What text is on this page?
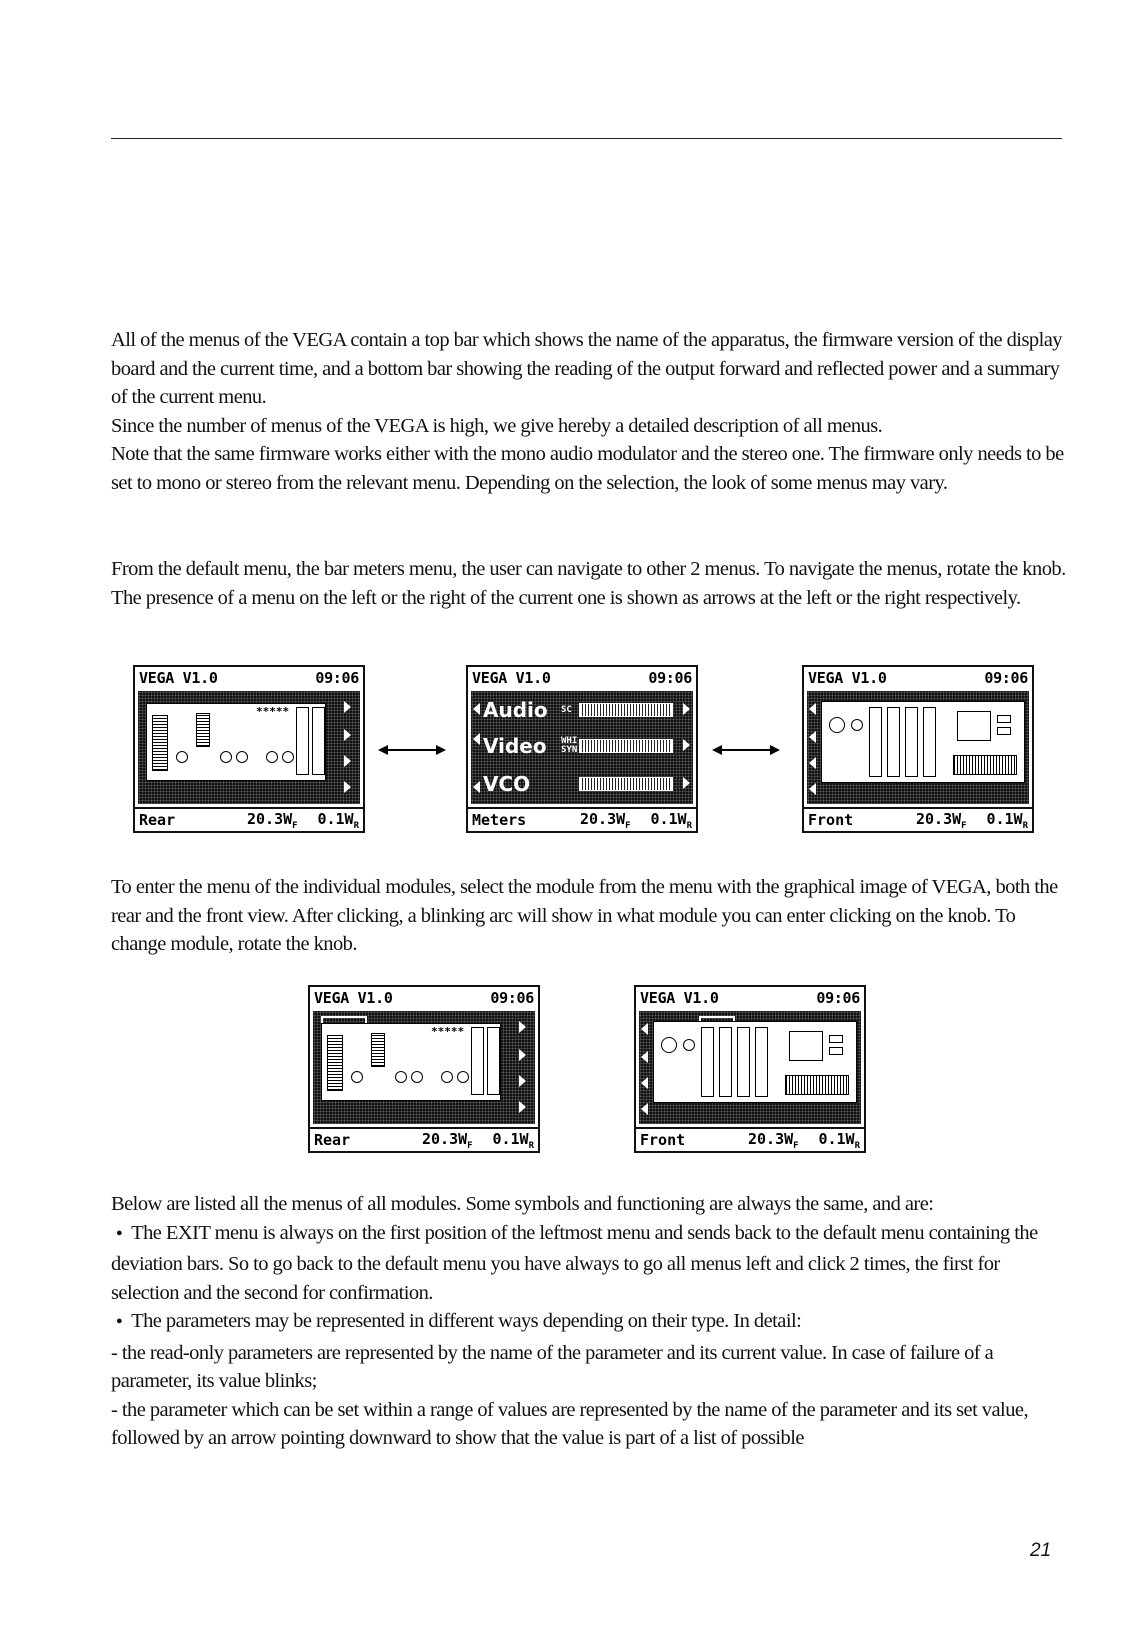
All of the menus of the VEGA contain a top bar which shows the name of the apparatus, the firmware version of the display board and the current time, and a bottom bar showing the reading of the output forward and reflected power and a summary of the current menu.

Since the number of menus of the VEGA is high, we give hereby a detailed description of all menus.

Note that the same firmware works either with the mono audio modulator and the stereo one. The firmware only needs to be set to mono or stereo from the relevant menu. Depending on the selection, the look of some menus may vary.

From the default menu, the bar meters menu, the user can navigate to other 2 menus. To navigate the menus, rotate the knob. The presence of a menu on the left or the right of the current one is shown as arrows at the left or the right respectively.

VEGA V1.0	09:06
*****
Rear	$20.3W_F$	$0.1W_R$
VEGA V1.0	09:06
Audio	SC
Video	WHI SYN
VCO
Meters	$20.3W_F$	$0.1W_R$
VEGA V1.0	09:06
Front	$20.3W_F$	$0.1W_R$

To enter the menu of the individual modules, select the module from the menu with the graphical image of VEGA, both the rear and the front view. After clicking, a blinking arc will show in what module you can enter clicking on the knob. To change module, rotate the knob.

VEGA V1.0	09:06
*****
Rear	$20.3W_F$	$0.1W_R$
VEGA V1.0	09:06
Front	$20.3W_F$	$0.1W_R$

Below are listed all the menus of all modules. Some symbols and functioning are always the same, and are:

● The EXIT menu is always on the first position of the leftmost menu and sends back to the default menu containing the deviation bars. So to go back to the default menu you have always to go all menus left and click 2 times, the first for selection and the second for confirmation.

● The parameters may be represented in different ways depending on their type. In detail:

- the read-only parameters are represented by the name of the parameter and its current value. In case of failure of a parameter, its value blinks;

- the parameter which can be set within a range of values are represented by the name of the parameter and its set value, followed by an arrow pointing downward to show that the value is part of a list of possible

21
